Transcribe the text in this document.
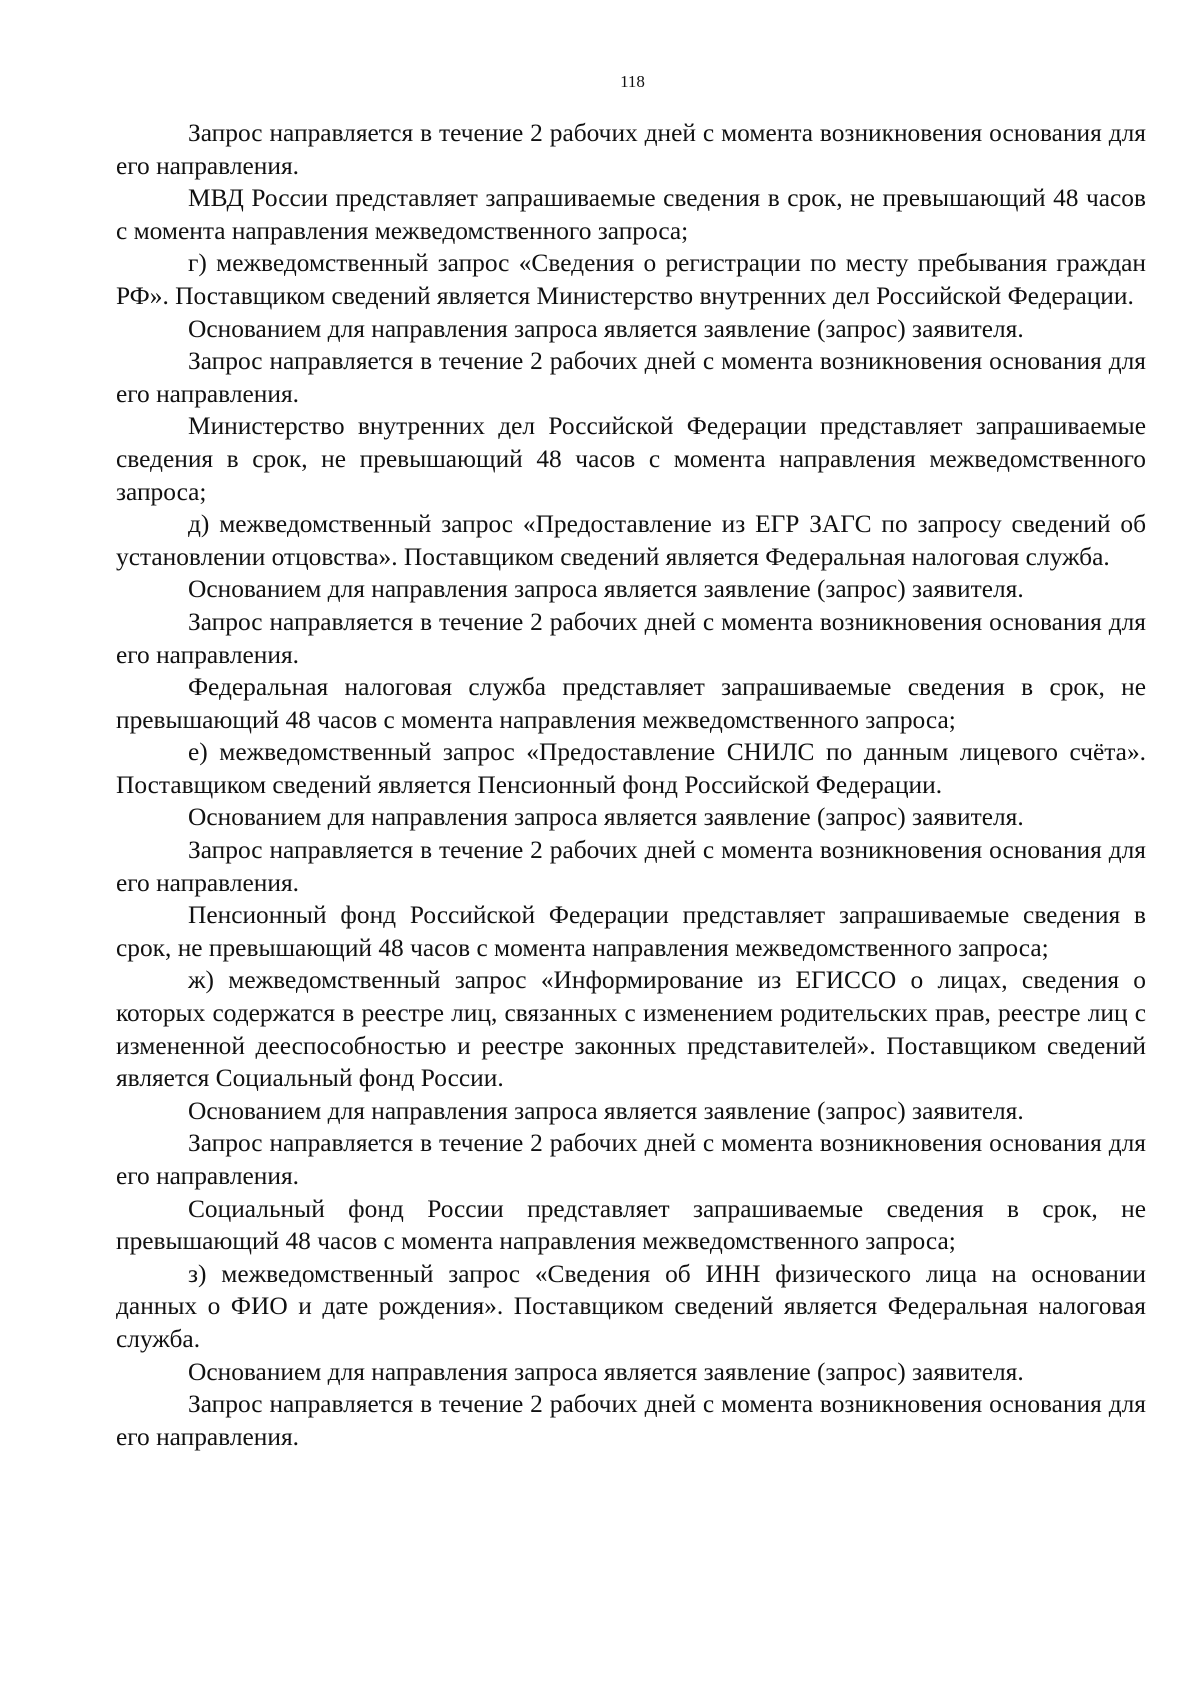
118

Запрос направляется в течение 2 рабочих дней с момента возникновения основания для его направления.

МВД России представляет запрашиваемые сведения в срок, не превышающий 48 часов с момента направления межведомственного запроса;

г) межведомственный запрос «Сведения о регистрации по месту пребывания граждан РФ». Поставщиком сведений является Министерство внутренних дел Российской Федерации.

Основанием для направления запроса является заявление (запрос) заявителя.

Запрос направляется в течение 2 рабочих дней с момента возникновения основания для его направления.

Министерство внутренних дел Российской Федерации представляет запрашиваемые сведения в срок, не превышающий 48 часов с момента направления межведомственного запроса;

д) межведомственный запрос «Предоставление из ЕГР ЗАГС по запросу сведений об установлении отцовства». Поставщиком сведений является Федеральная налоговая служба.

Основанием для направления запроса является заявление (запрос) заявителя.

Запрос направляется в течение 2 рабочих дней с момента возникновения основания для его направления.

Федеральная налоговая служба представляет запрашиваемые сведения в срок, не превышающий 48 часов с момента направления межведомственного запроса;

е) межведомственный запрос «Предоставление СНИЛС по данным лицевого счёта». Поставщиком сведений является Пенсионный фонд Российской Федерации.

Основанием для направления запроса является заявление (запрос) заявителя.

Запрос направляется в течение 2 рабочих дней с момента возникновения основания для его направления.

Пенсионный фонд Российской Федерации представляет запрашиваемые сведения в срок, не превышающий 48 часов с момента направления межведомственного запроса;

ж) межведомственный запрос «Информирование из ЕГИССО о лицах, сведения о которых содержатся в реестре лиц, связанных с изменением родительских прав, реестре лиц с измененной дееспособностью и реестре законных представителей». Поставщиком сведений является Социальный фонд России.

Основанием для направления запроса является заявление (запрос) заявителя.

Запрос направляется в течение 2 рабочих дней с момента возникновения основания для его направления.

Социальный фонд России представляет запрашиваемые сведения в срок, не превышающий 48 часов с момента направления межведомственного запроса;

з) межведомственный запрос «Сведения об ИНН физического лица на основании данных о ФИО и дате рождения». Поставщиком сведений является Федеральная налоговая служба.

Основанием для направления запроса является заявление (запрос) заявителя.

Запрос направляется в течение 2 рабочих дней с момента возникновения основания для его направления.
